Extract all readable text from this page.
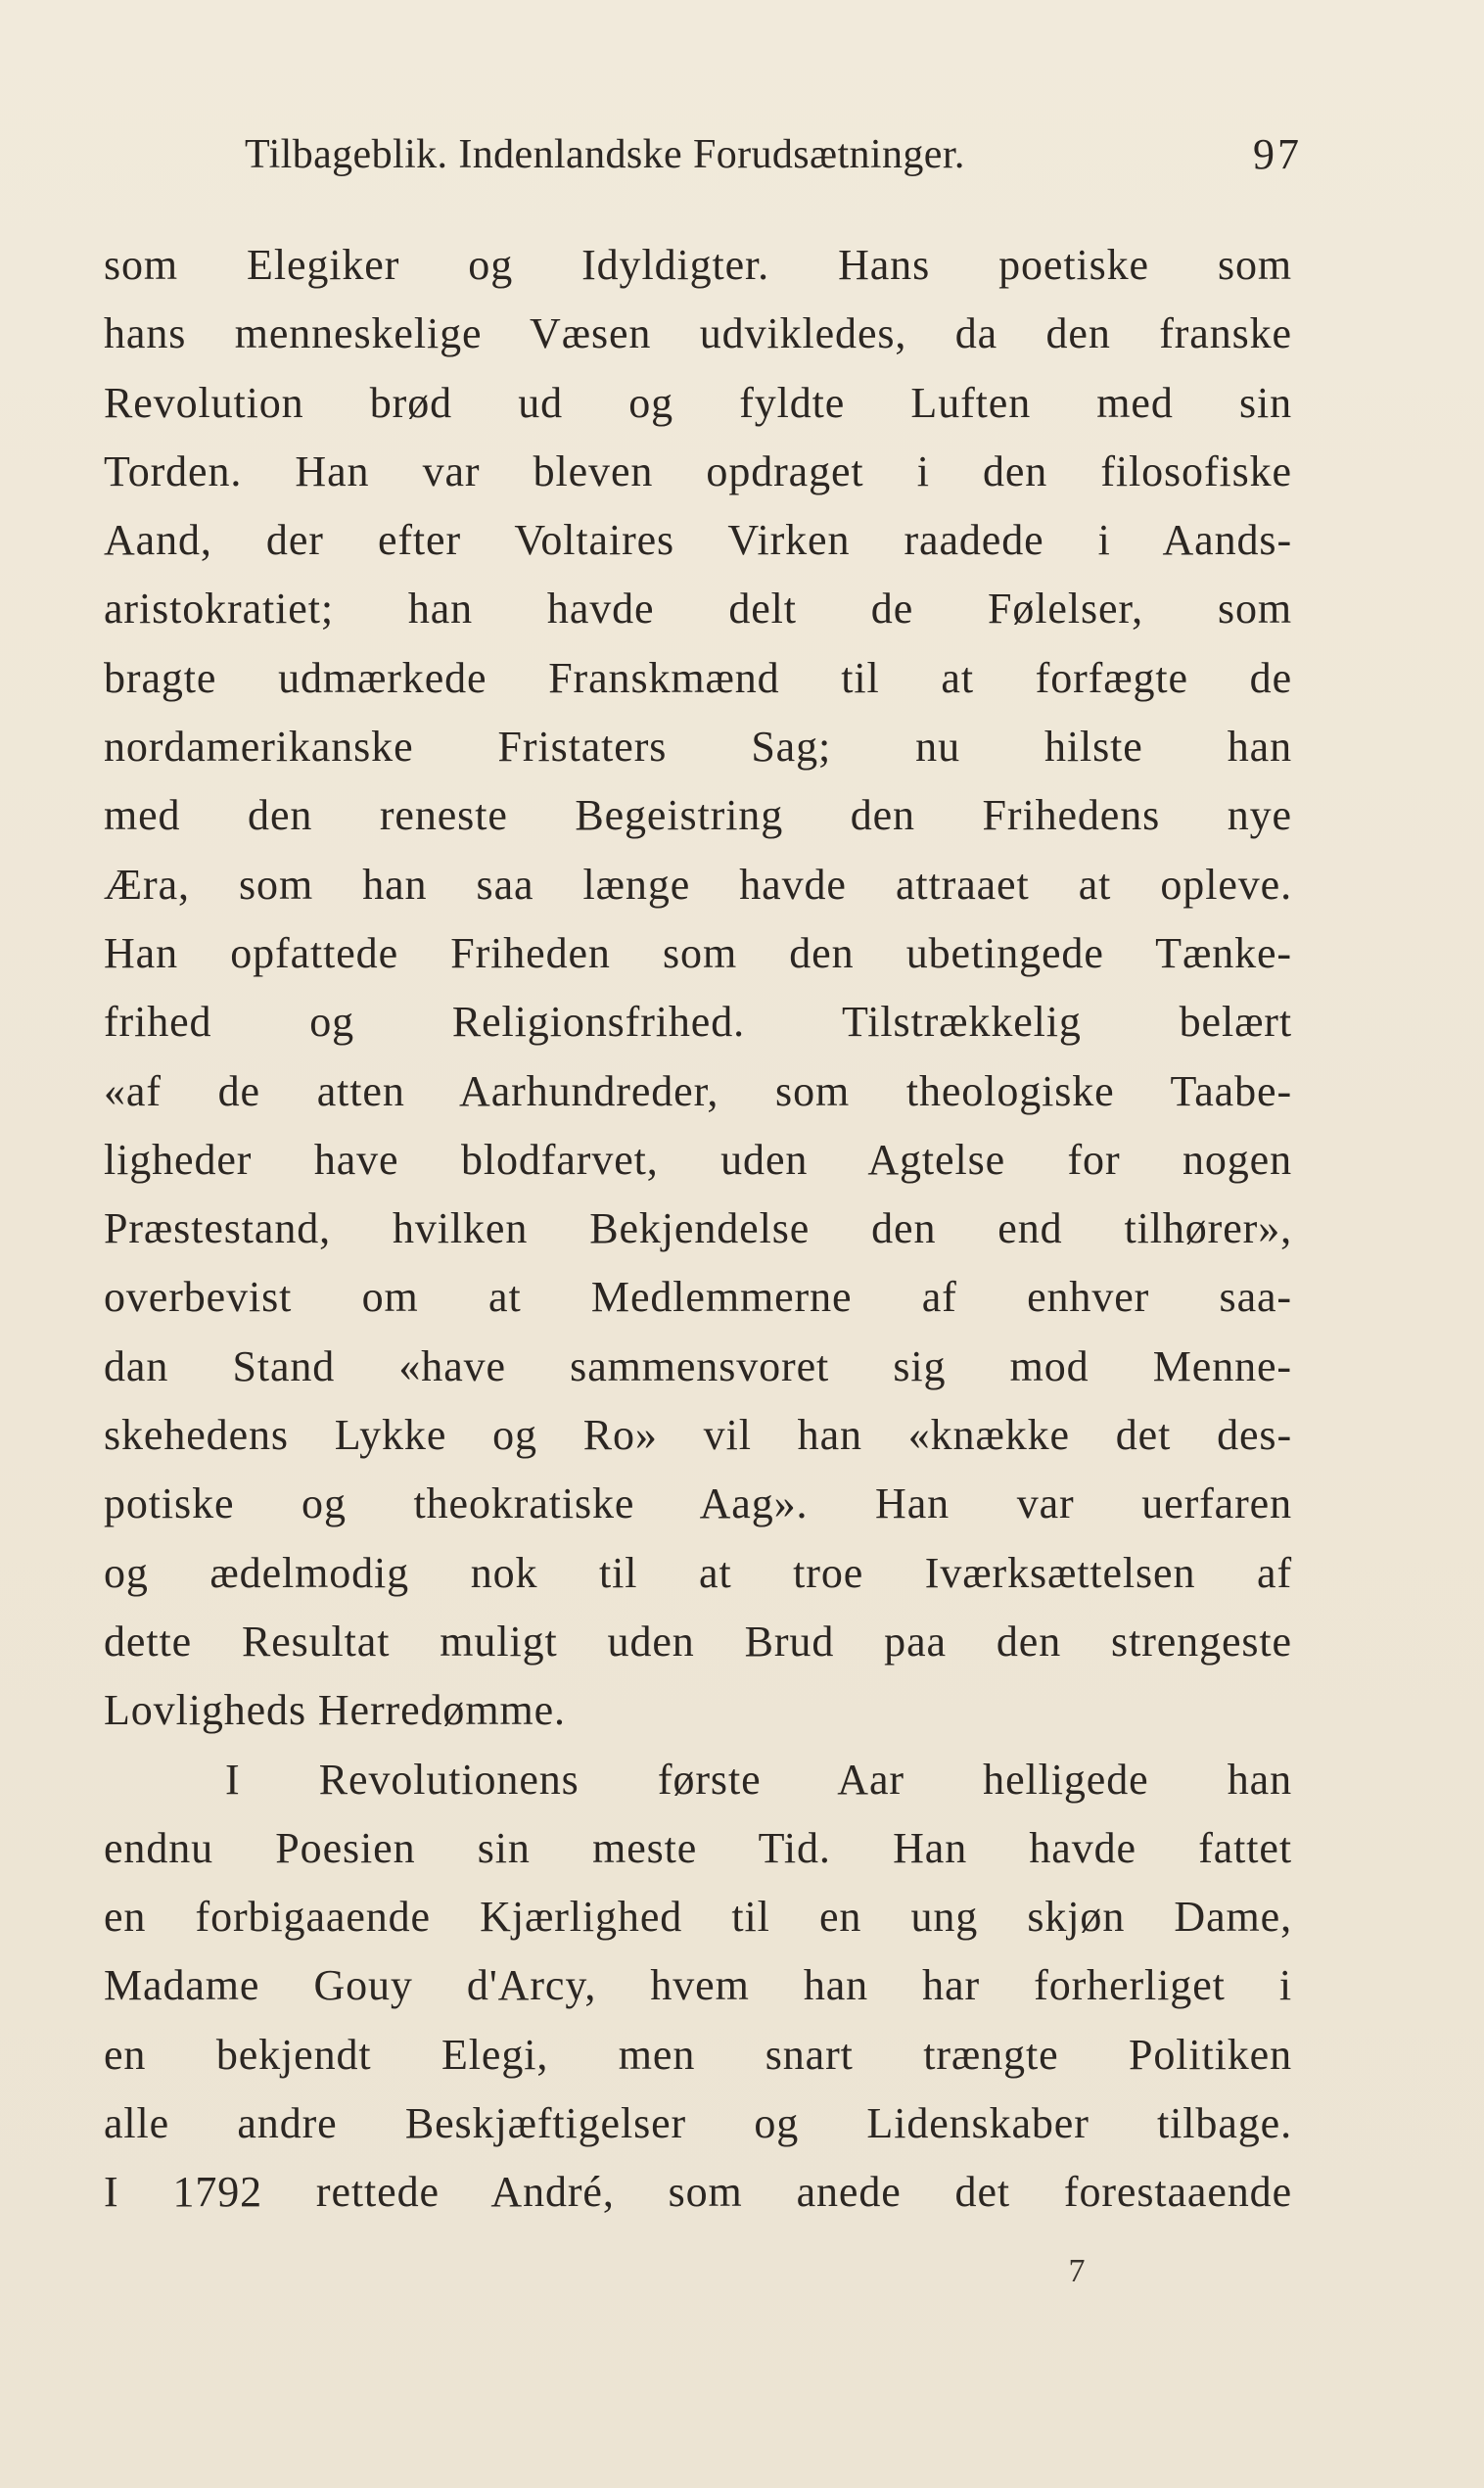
Tilbageblik. Indenlandske Forudsætninger.	97
som Elegiker og Idyldigter. Hans poetiske som
hans menneskelige Væsen udvikledes, da den franske
Revolution brød ud og fyldte Luften med sin
Torden. Han var bleven opdraget i den filosofiske
Aand, der efter Voltaires Virken raadede i Aands-
aristokratiet; han havde delt de Følelser, som
bragte udmærkede Franskmænd til at forfægte de
nordamerikanske Fristaters Sag; nu hilste han
med den reneste Begeistring den Frihedens nye
Æra, som han saa længe havde attraaet at opleve.
Han opfattede Friheden som den ubetingede Tænke-
frihed og Religionsfrihed. Tilstrækkelig belært
«af de atten Aarhundreder, som theologiske Taabe-
ligheder have blodfarvet, uden Agtelse for nogen
Præstestand, hvilken Bekjendelse den end tilhører»,
overbevist om at Medlemmerne af enhver saa-
dan Stand «have sammensvoret sig mod Menne-
skehedens Lykke og Ro» vil han «knække det des-
potiske og theokratiske Aag». Han var uerfaren
og ædelmodig nok til at troe Iværksættelsen af
dette Resultat muligt uden Brud paa den strengeste
Lovligheds Herredømme.
I Revolutionens første Aar helligede han
endnu Poesien sin meste Tid. Han havde fattet
en forbigaaende Kjærlighed til en ung skjøn Dame,
Madame Gouy d'Arcy, hvem han har forherliget i
en bekjendt Elegi, men snart trængte Politiken
alle andre Beskjæftigelser og Lidenskaber tilbage.
I 1792 rettede André, som anede det forestaaende
7
